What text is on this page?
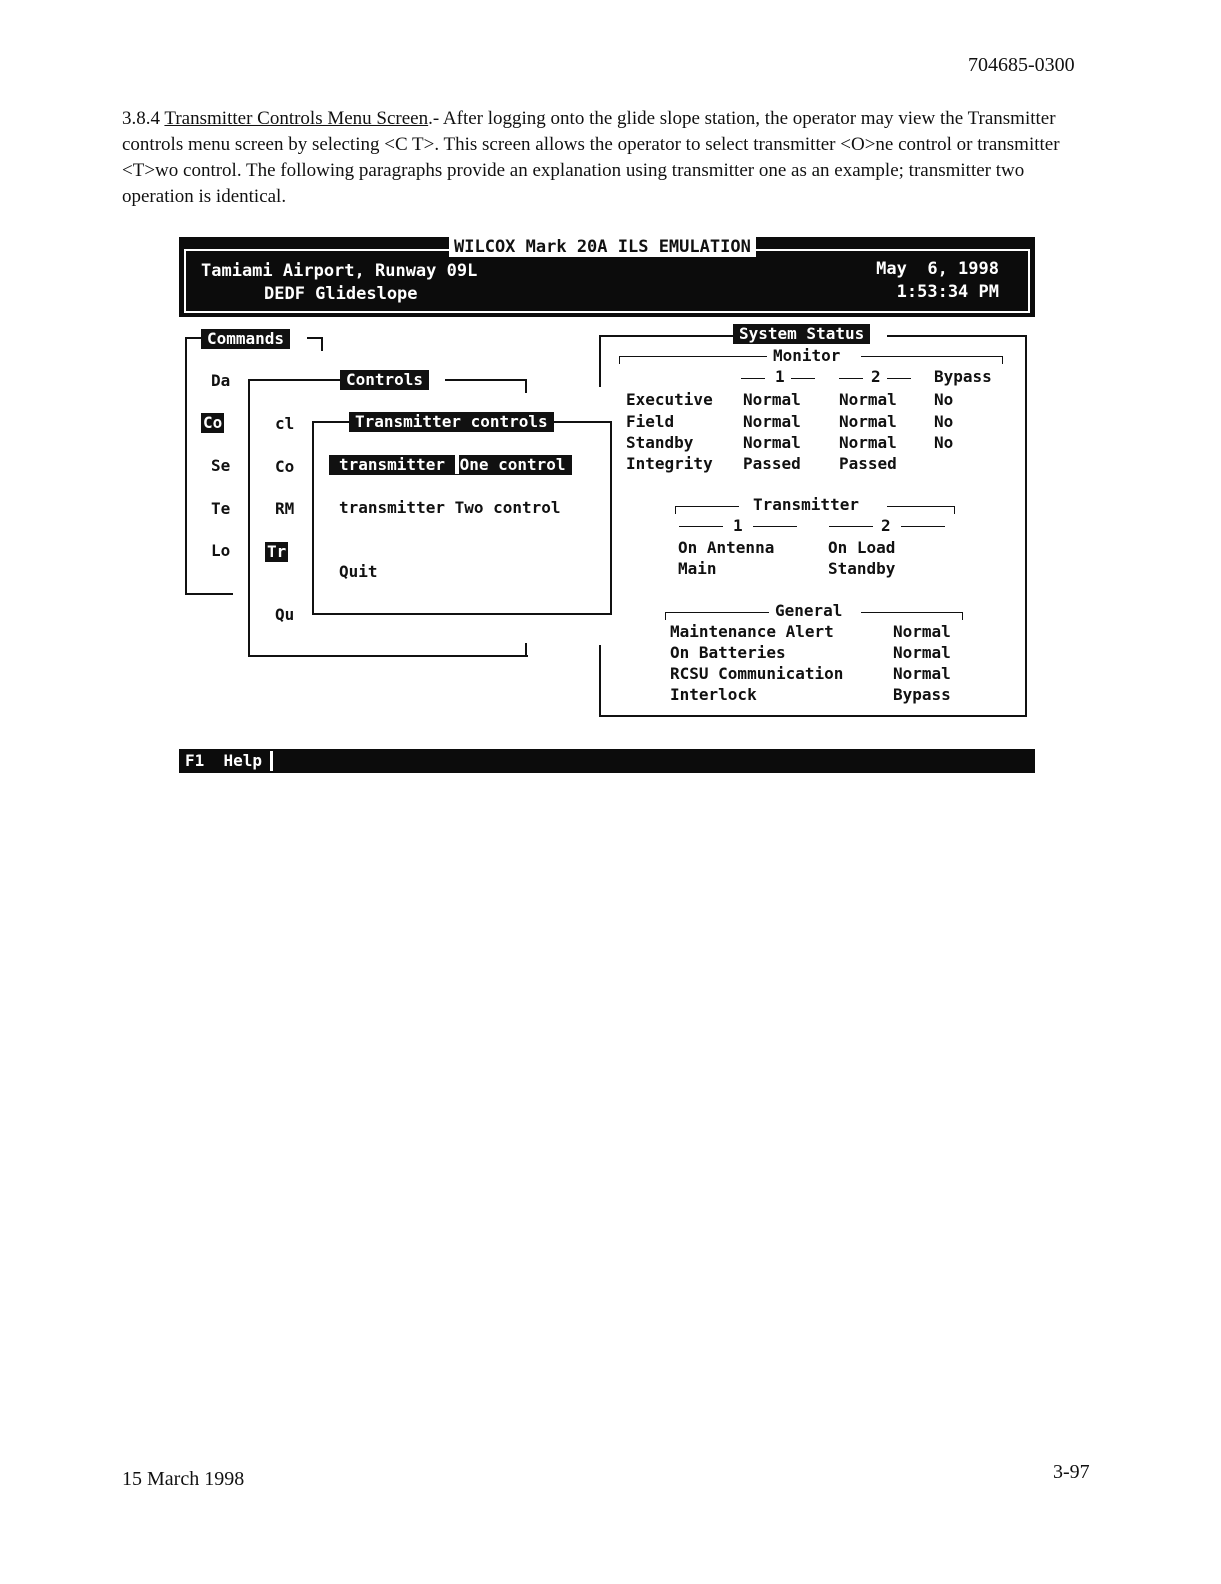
704685-0300
3.8.4 Transmitter Controls Menu Screen.- After logging onto the glide slope station, the operator may view the Transmitter controls menu screen by selecting <C T>. This screen allows the operator to select transmitter <O>ne control or transmitter <T>wo control. The following paragraphs provide an explanation using transmitter one as an example; transmitter two operation is identical.
WILCOX Mark 20A ILS EMULATION
Tamiami Airport, Runway 09L
DEDF Glideslope
May  6, 1998
1:53:34 PM
Commands
Da
Co
Se
Te
Lo
Controls
cl
Co
RM
Tr
Qu
Transmitter controls
transmitter One control
transmitter Two control
Quit
System Status
Monitor
1	2	Bypass
Executive Normal Normal No
Field	Normal Normal No
Standby	Normal Normal No
Integrity Passed Passed
Transmitter
1	2
On Antenna	On Load
Main	Standby
General
Maintenance Alert	Normal
On Batteries	Normal
RCSU Communication	Normal
Interlock	Bypass
F1  Help
15 March 1998	3-97
